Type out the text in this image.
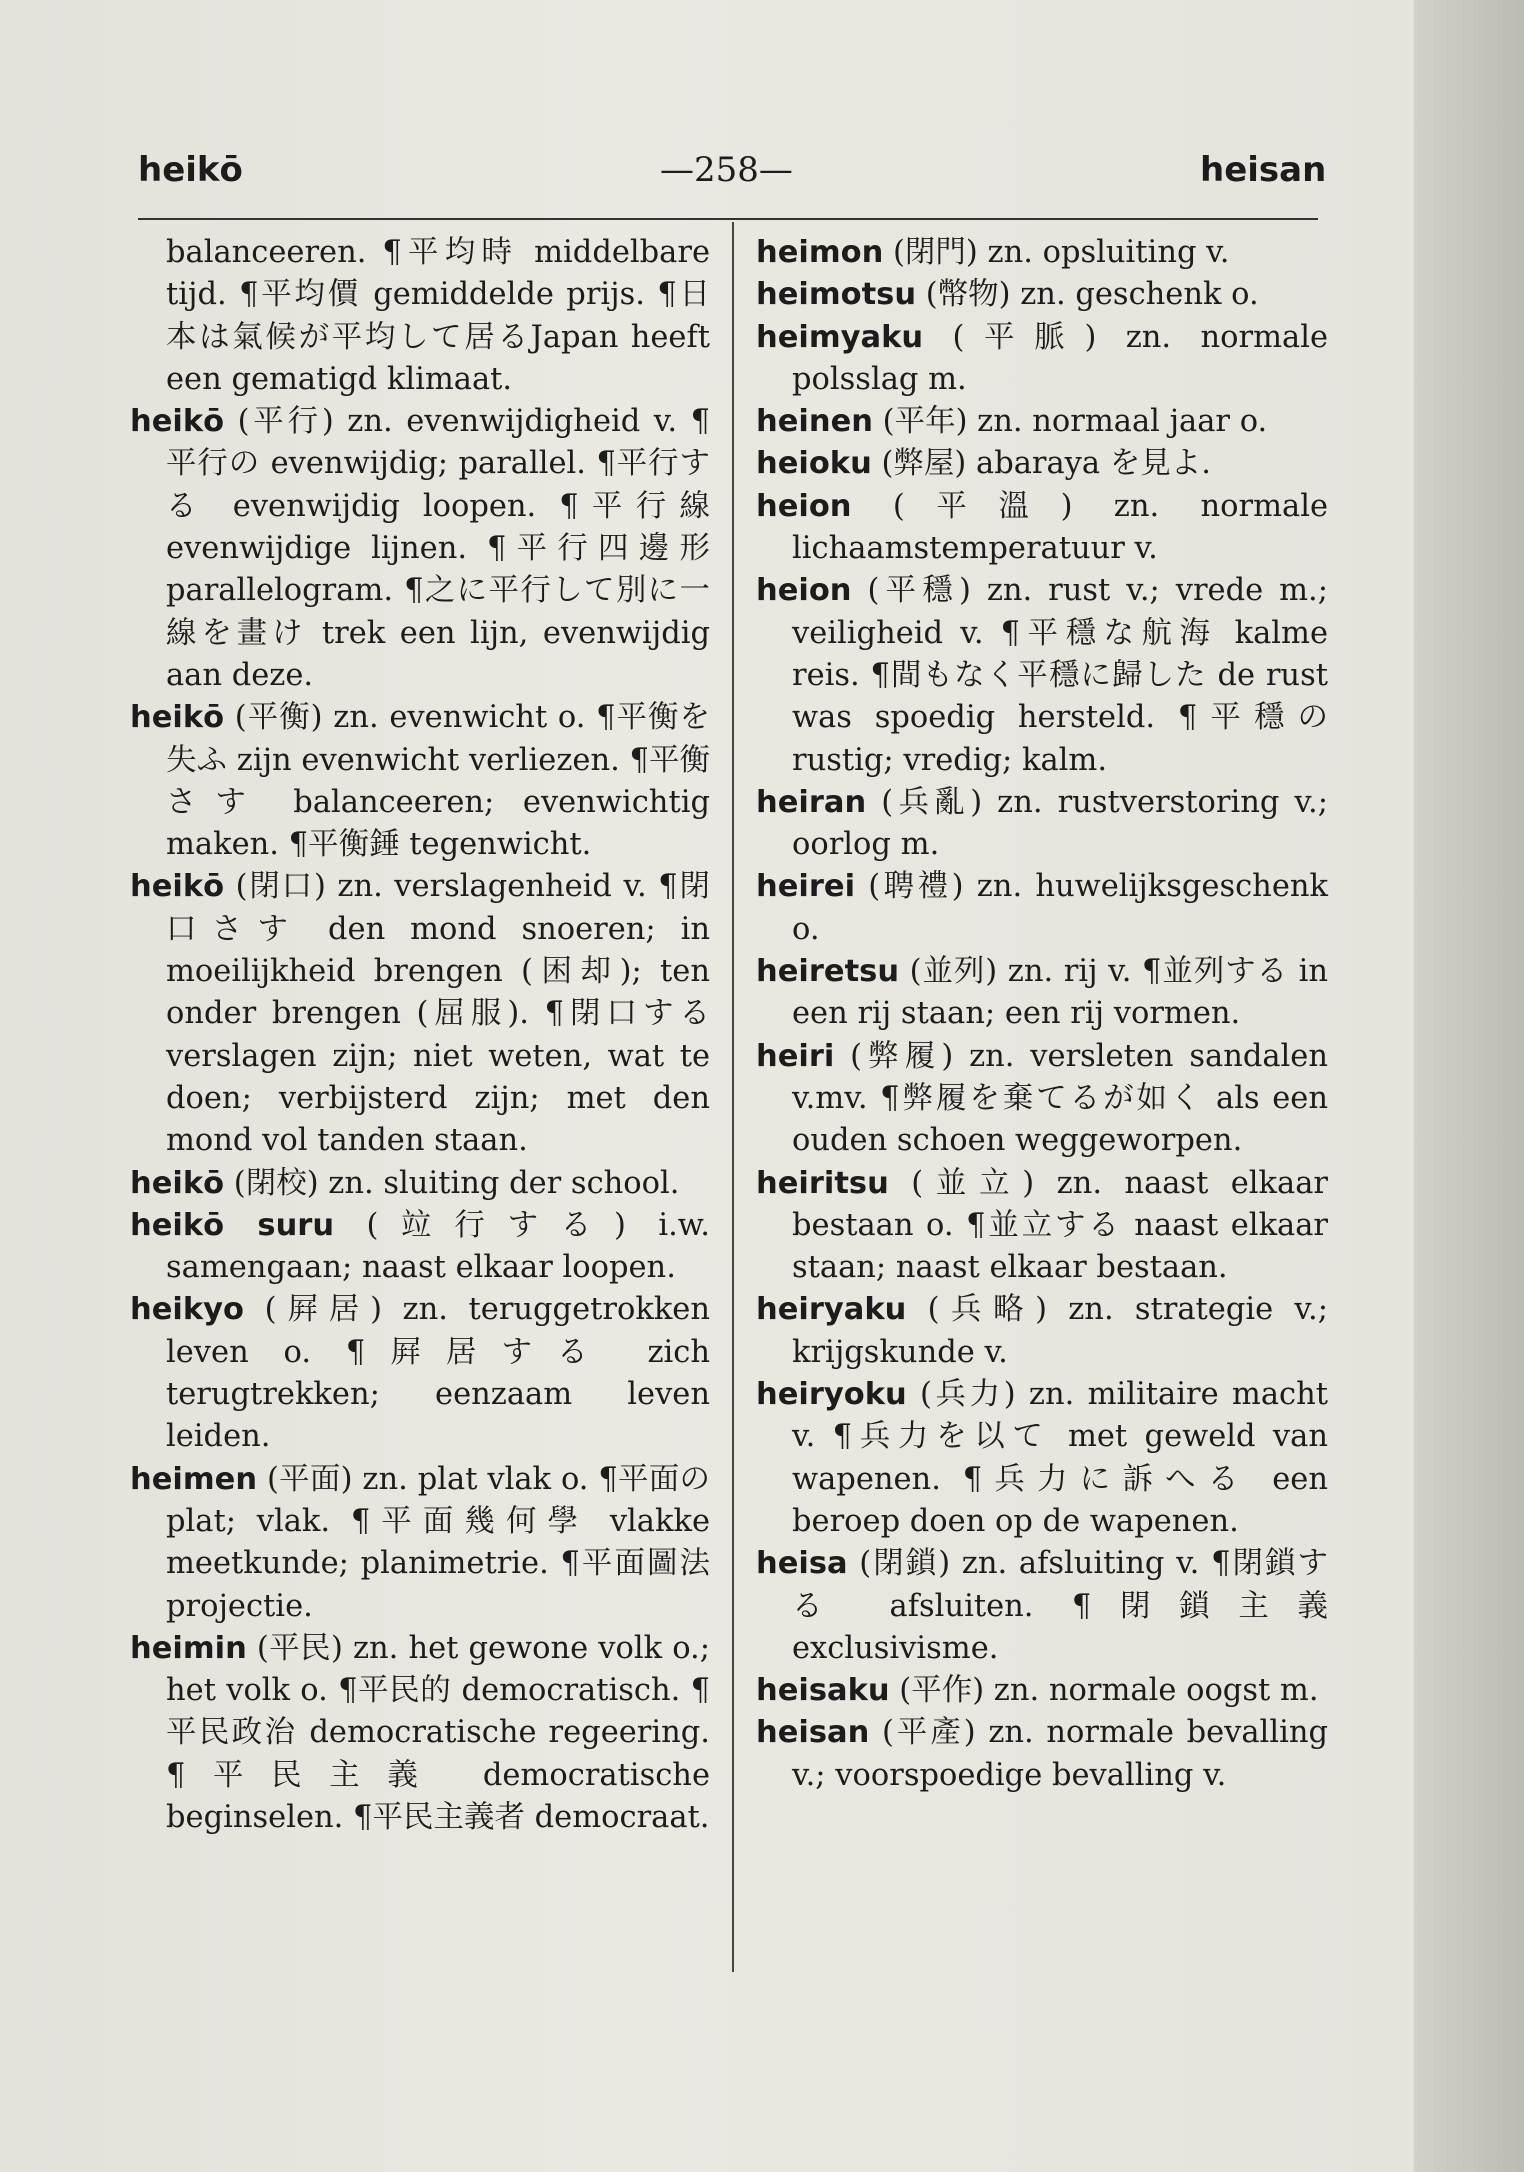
heikō	—258—	heisan

balanceeren. ¶平均時 middelbare tijd. ¶平均價 gemiddelde prijs. ¶日本は氣候が平均して居るJapan heeft een gematigd klimaat.

heikō (平行) zn. evenwijdigheid v. ¶平行の evenwijdig; parallel. ¶平行する evenwijdig loopen. ¶平行線 evenwijdige lijnen. ¶平行四邊形 parallelogram. ¶之に平行して別に一線を畫け trek een lijn, evenwijdig aan deze.

heikō (平衡) zn. evenwicht o. ¶平衡を失ふ zijn evenwicht verliezen. ¶平衡さす balanceeren; evenwichtig maken. ¶平衡錘 tegenwicht.

heikō (閉口) zn. verslagenheid v. ¶閉口さす den mond snoeren; in moeilijkheid brengen (困却); ten onder brengen (屈服). ¶閉口する verslagen zijn; niet weten, wat te doen; verbijsterd zijn; met den mond vol tanden staan.

heikō (閉校) zn. sluiting der school.

heikō suru (竝行する) i.w. samengaan; naast elkaar loopen.

heikyo (屛居) zn. teruggetrokken leven o. ¶屛居する zich terugtrekken; eenzaam leven leiden.

heimen (平面) zn. plat vlak o. ¶平面の plat; vlak. ¶平面幾何學 vlakke meetkunde; planimetrie. ¶平面圖法 projectie.

heimin (平民) zn. het gewone volk o.; het volk o. ¶平民的 democratisch. ¶平民政治 democratische regeering. ¶平民主義 democratische beginselen. ¶平民主義者 democraat.

heimon (閉門) zn. opsluiting v.

heimotsu (幣物) zn. geschenk o.

heimyaku (平脈) zn. normale polsslag m.

heinen (平年) zn. normaal jaar o.

heioku (弊屋) abaraya を見よ.

heion (平溫) zn. normale lichaamstemperatuur v.

heion (平穩) zn. rust v.; vrede m.; veiligheid v. ¶平穩な航海 kalme reis. ¶間もなく平穩に歸した de rust was spoedig hersteld. ¶平穩の rustig; vredig; kalm.

heiran (兵亂) zn. rustverstoring v.; oorlog m.

heirei (聘禮) zn. huwelijksgeschenk o.

heiretsu (並列) zn. rij v. ¶並列する in een rij staan; een rij vormen.

heiri (弊履) zn. versleten sandalen v.mv. ¶弊履を棄てるが如く als een ouden schoen weggeworpen.

heiritsu (並立) zn. naast elkaar bestaan o. ¶並立する naast elkaar staan; naast elkaar bestaan.

heiryaku (兵略) zn. strategie v.; krijgskunde v.

heiryoku (兵力) zn. militaire macht v. ¶兵力を以て met geweld van wapenen. ¶兵力に訴へる een beroep doen op de wapenen.

heisa (閉鎖) zn. afsluiting v. ¶閉鎖する afsluiten. ¶閉鎖主義 exclusivisme.

heisaku (平作) zn. normale oogst m.

heisan (平產) zn. normale bevalling v.; voorspoedige bevalling v.
